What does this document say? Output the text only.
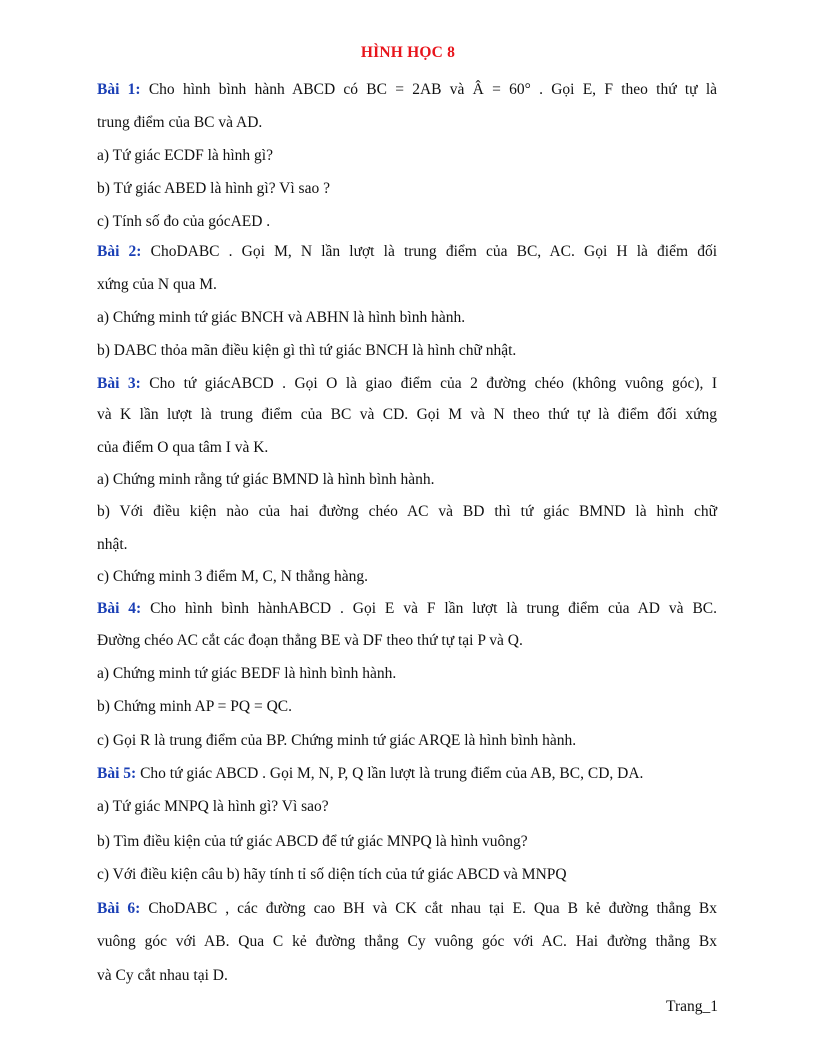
HÌNH HỌC 8
Bài 1: Cho hình bình hành ABCD có BC = 2AB và Â = 60° . Gọi E, F theo thứ tự là
trung điểm của BC và AD.
a) Tứ giác ECDF là hình gì?
b) Tứ giác ABED là hình gì? Vì sao ?
c) Tính số đo của gócAED .
Bài 2: ChoDABC . Gọi M, N lần lượt là trung điểm của BC, AC. Gọi H là điểm đối
xứng của N qua M.
a) Chứng minh tứ giác BNCH và ABHN là hình bình hành.
b) DABC thỏa mãn điều kiện gì thì tứ giác BNCH là hình chữ nhật.
Bài 3: Cho tứ giácABCD . Gọi O là giao điểm của 2 đường chéo (không vuông góc), I
và K lần lượt là trung điểm của BC và CD. Gọi M và N theo thứ tự là điểm đối xứng
của điểm O qua tâm I và K.
a) Chứng minh rằng tứ giác BMND là hình bình hành.
b) Với điều kiện nào của hai đường chéo AC và BD thì tứ giác BMND là hình chữ
nhật.
c) Chứng minh 3 điểm M, C, N thẳng hàng.
Bài 4: Cho hình bình hànhABCD . Gọi E và F lần lượt là trung điểm của AD và BC.
Đường chéo AC cắt các đoạn thẳng BE và DF theo thứ tự tại P và Q.
a) Chứng minh tứ giác BEDF là hình bình hành.
b) Chứng minh AP = PQ = QC.
c) Gọi R là trung điểm của BP. Chứng minh tứ giác ARQE là hình bình hành.
Bài 5: Cho tứ giác ABCD . Gọi M, N, P, Q lần lượt là trung điểm của AB, BC, CD, DA.
a) Tứ giác MNPQ là hình gì? Vì sao?
b) Tìm điều kiện của tứ giác ABCD để tứ giác MNPQ là hình vuông?
c) Với điều kiện câu b) hãy tính tỉ số diện tích của tứ giác ABCD và MNPQ
Bài 6: ChoDABC , các đường cao BH và CK cắt nhau tại E. Qua B kẻ đường thẳng Bx
vuông góc với AB. Qua C kẻ đường thẳng Cy vuông góc với AC. Hai đường thẳng Bx
và Cy cắt nhau tại D.
Trang_1
